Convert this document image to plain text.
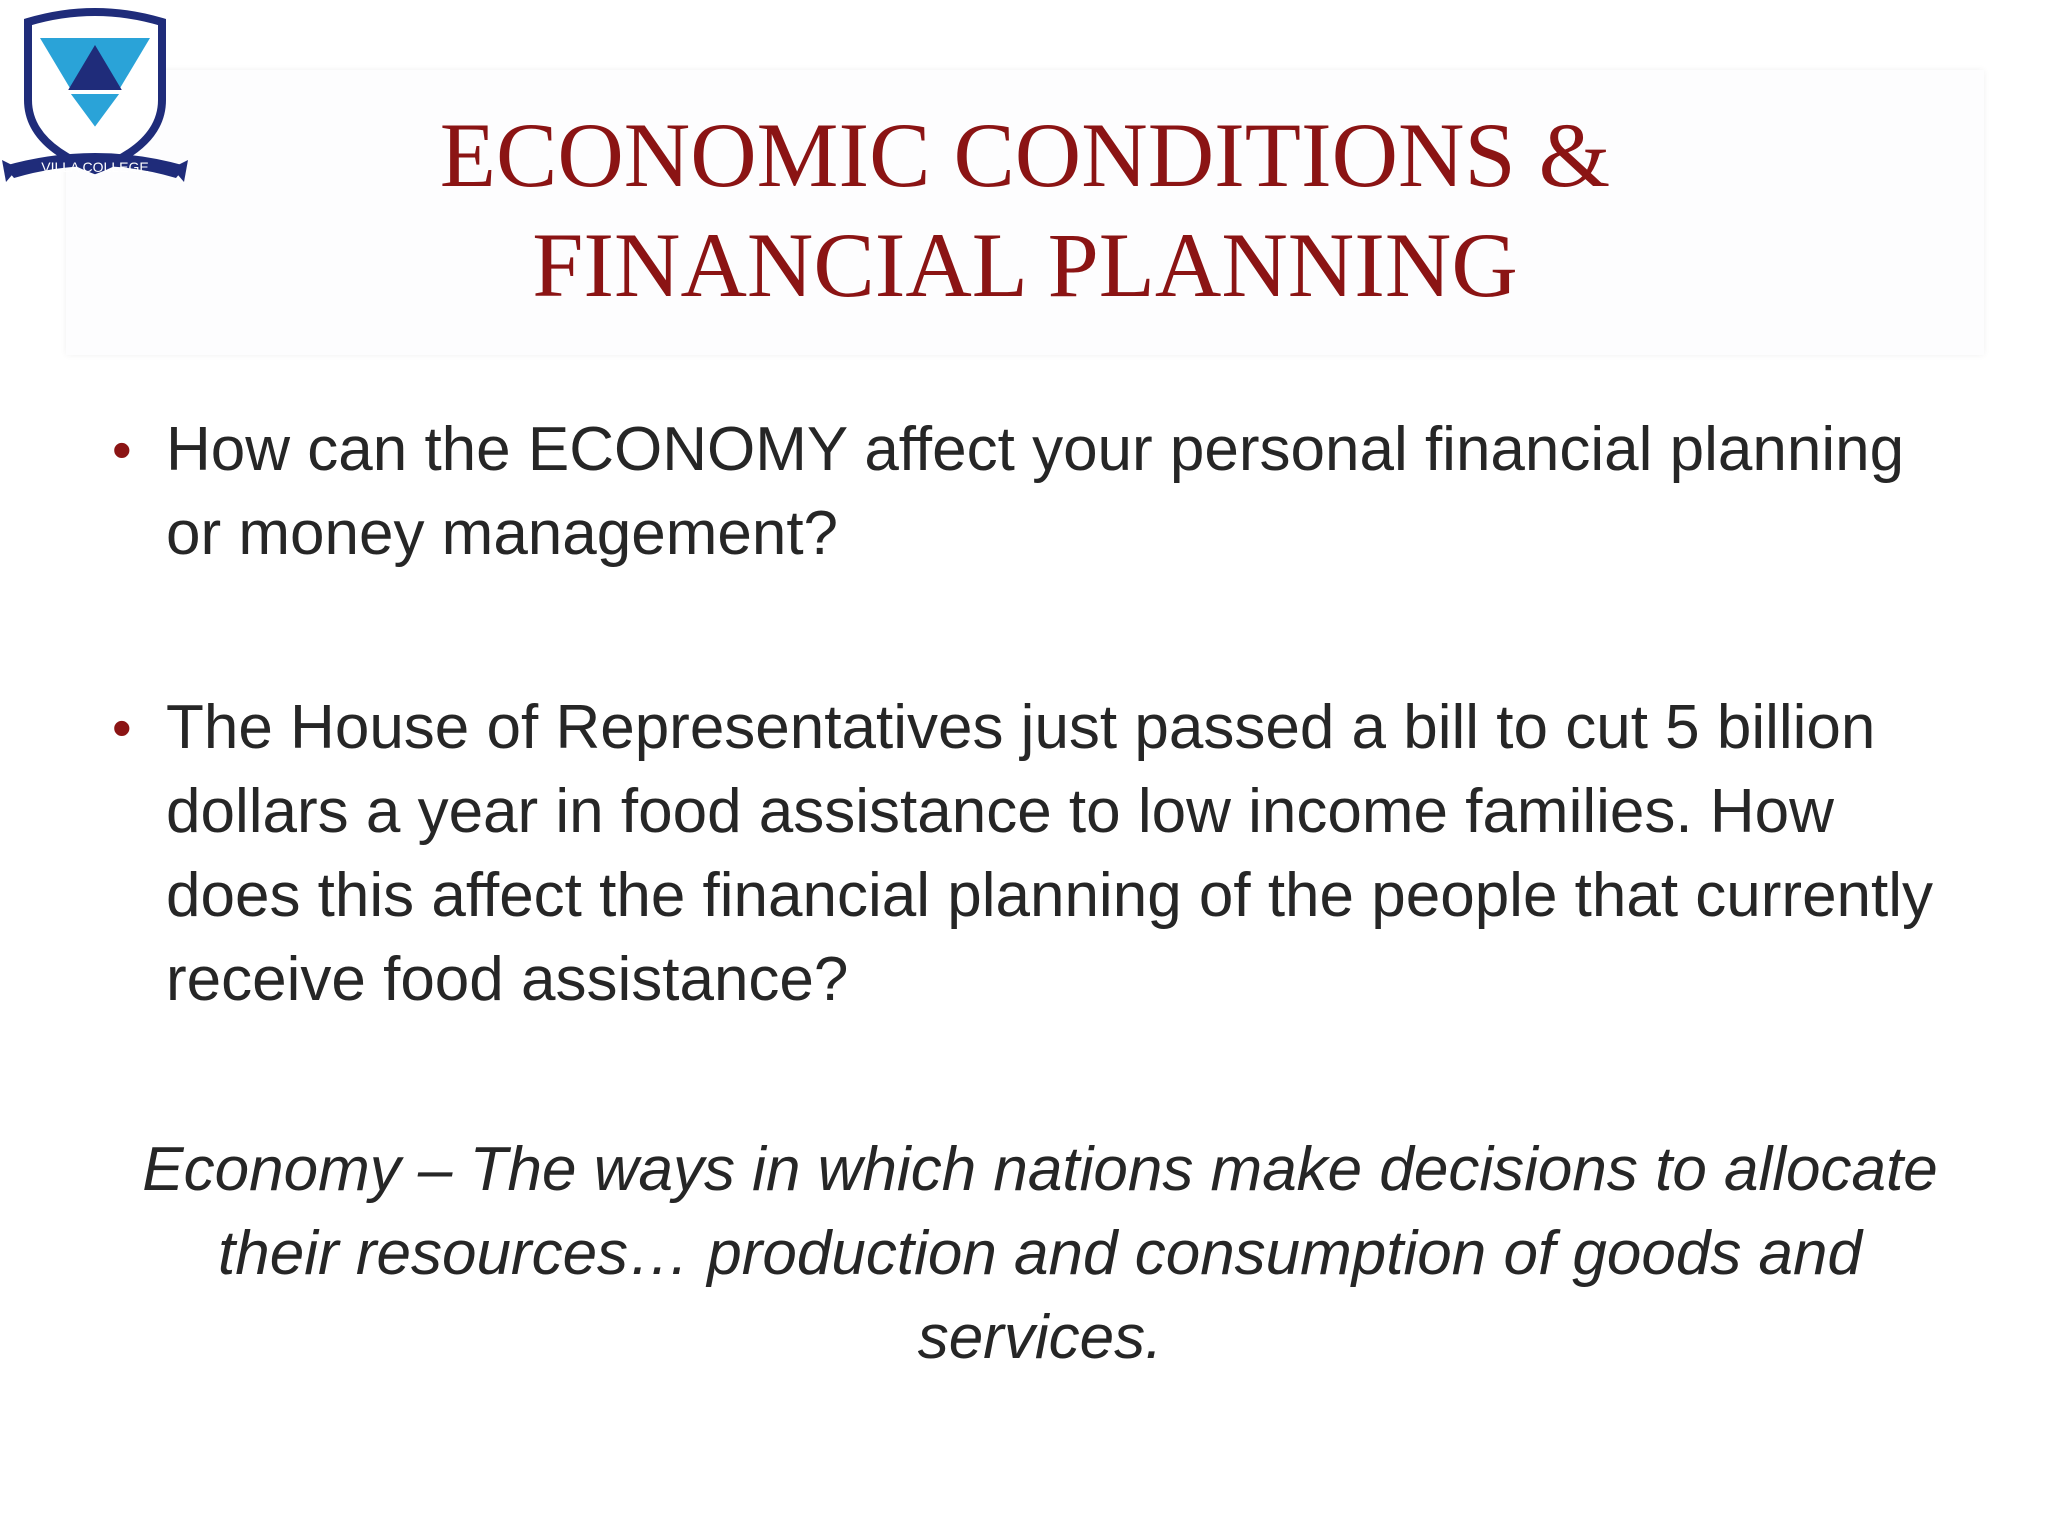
VILLA COLLEGE	ECONOMIC CONDITIONS &
FINANCIAL PLANNING
• How can the ECONOMY affect your personal financial planning or money management?
• The House of Representatives just passed a bill to cut 5 billion dollars a year in food assistance to low income families. How does this affect the financial planning of the people that currently receive food assistance?

Economy – The ways in which nations make decisions to allocate their resources… production and consumption of goods and services.
